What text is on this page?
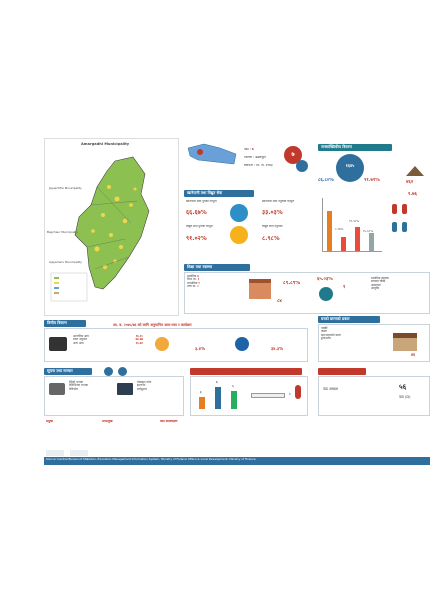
Amargadhi Municipality
Jayaprithvi Municipality
Bagchaur Municipality
Ajayameru Municipality
वडा : ७
जिल्ला : डडेलधुरा
स्थापना : वि. सं. २०७३
७
खानेपानी तथा विद्युत सेवा
खानेपानी सेवा पुगेका घरधुरी
६६.६७%
खानेपानी सेवा नपुगेका घरधुरी
३३.०३%
विद्युत सेवा पुगेका घरधुरी
९१.०२%
विद्युत सेवा नपुगेका
८.९८%
जनसांख्यिकीय विवरण
१६४५
८६.८०%	९१.७९%	४६२
८.९७%
१९.५०%
१५.६८%
१.७६
शिक्षा तथा स्वास्थ्य
प्राथमिक ४
निम्न मा. १
माध्यमिक १
उच्च मा. ०
८४
८९.८९%
६५.०३%
१
प्राथमिक स्वास्थ्य
स्वास्थ्य चौकी
अस्पताल
आयुर्वेद
वित्तीय विवरण	आ. व. २०७५/७६ को लागि अनुमानित आय-व्यय र कार्यक्रम
आन्तरिक आय	१६.१०
प्राप्त अनुदान	७७.७७
अन्य आय	१६.७१
३.४%	३४.३%
घरको छानाको प्रकार
पक्की
जस्ता
खर/परालको छाना
ढुंगा/स्लेट
४६
सूचना तथा सञ्चार
रेडियो भएका
टेलिभिजन भएका
टेलिफोन
मोबाइल फोन
इन्टरनेट
सर्वसुलभ
सामाजिक सुरक्षा भत्ता र महिला सहभागिता
३
६
५
०
जनप्रतिनिधि
वडा अध्यक्ष	५६
वडा (D)
प्रमुख	उपप्रमुख	वडा सदस्यहरू
Source: Central Bureau of Statistics, Education Management Information System, Ministry of Federal Affairs & Local Development, Ministry of Finance
